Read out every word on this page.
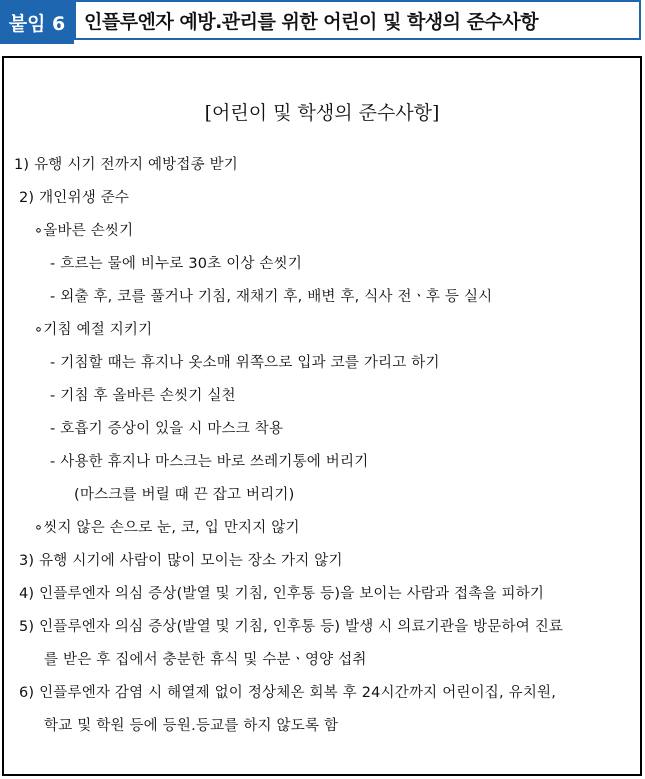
붙임 6 인플루엔자 예방.관리를 위한 어린이 및 학생의 준수사항
[어린이 및 학생의 준수사항]
1) 유행 시기 전까지 예방접종 받기
2) 개인위생 준수
∘올바른 손씻기
- 흐르는 물에 비누로 30초 이상 손씻기
- 외출 후, 코를 풀거나 기침, 재채기 후, 배변 후, 식사 전ㆍ후 등 실시
∘기침 예절 지키기
- 기침할 때는 휴지나 옷소매 위쪽으로 입과 코를 가리고 하기
- 기침 후 올바른 손씻기 실천
- 호흡기 증상이 있을 시 마스크 착용
- 사용한 휴지나 마스크는 바로 쓰레기통에 버리기
(마스크를 버릴 때 끈 잡고 버리기)
∘씻지 않은 손으로 눈, 코, 입 만지지 않기
3) 유행 시기에 사람이 많이 모이는 장소 가지 않기
4) 인플루엔자 의심 증상(발열 및 기침, 인후통 등)을 보이는 사람과 접촉을 피하기
5) 인플루엔자 의심 증상(발열 및 기침, 인후통 등) 발생 시 의료기관을 방문하여 진료
를 받은 후 집에서 충분한 휴식 및 수분ㆍ영양 섭취
6) 인플루엔자 감염 시 해열제 없이 정상체온 회복 후 24시간까지 어린이집, 유치원,
학교 및 학원 등에 등원.등교를 하지 않도록 함
